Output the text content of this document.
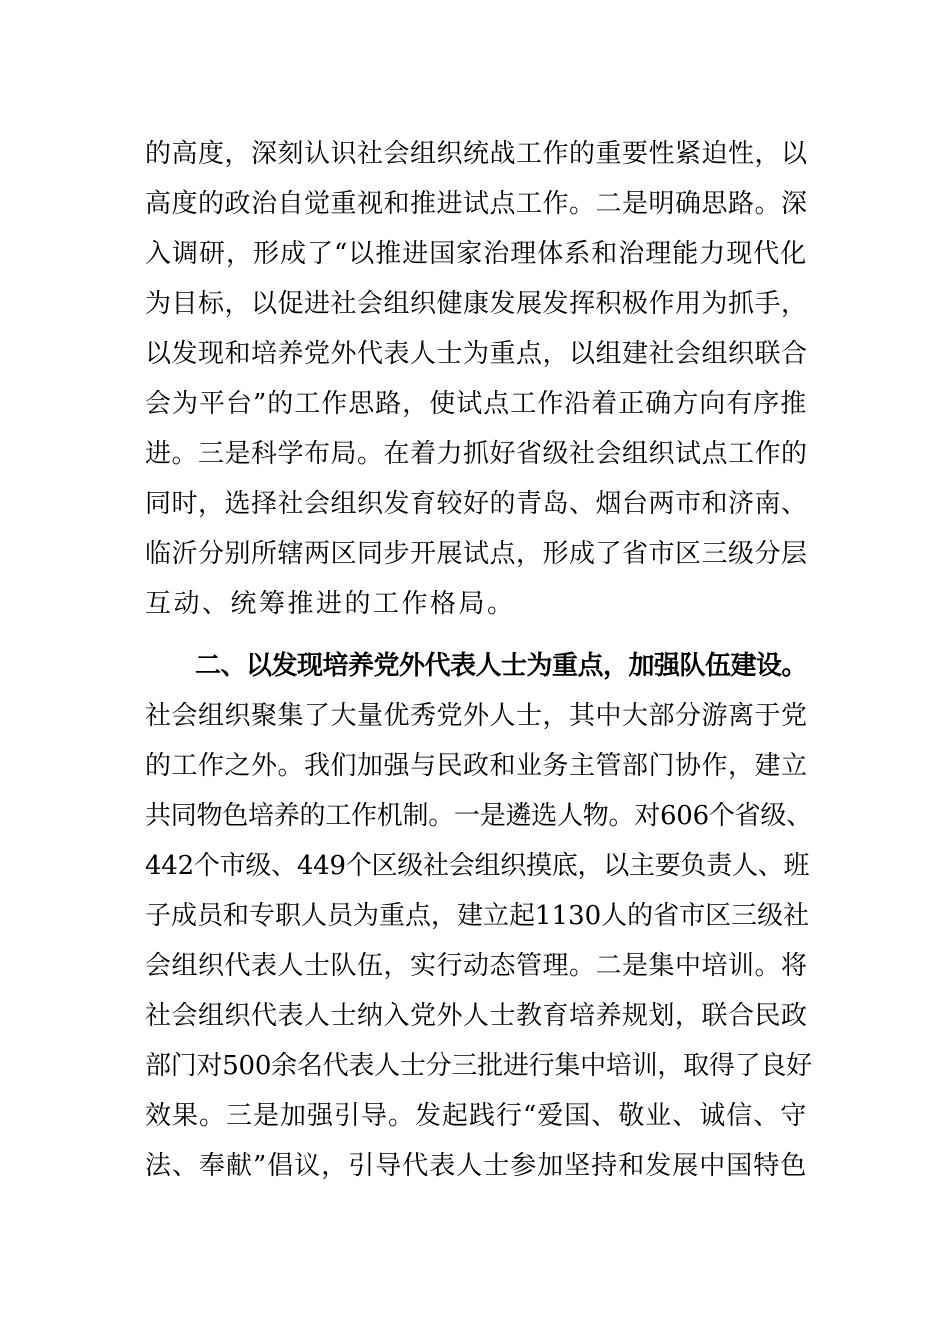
的高度，深刻认识社会组织统战工作的重要性紧迫性，以
高度的政治自觉重视和推进试点工作。二是明确思路。深
入调研，形成了“以推进国家治理体系和治理能力现代化
为目标，以促进社会组织健康发展发挥积极作用为抓手，
以发现和培养党外代表人士为重点，以组建社会组织联合
会为平台”的工作思路，使试点工作沿着正确方向有序推
进。三是科学布局。在着力抓好省级社会组织试点工作的
同时，选择社会组织发育较好的青岛、烟台两市和济南、
临沂分别所辖两区同步开展试点，形成了省市区三级分层
互动、统筹推进的工作格局。
二、以发现培养党外代表人士为重点，加强队伍建设。
社会组织聚集了大量优秀党外人士，其中大部分游离于党
的工作之外。我们加强与民政和业务主管部门协作，建立
共同物色培养的工作机制。一是遴选人物。对606个省级、
442个市级、449个区级社会组织摸底，以主要负责人、班
子成员和专职人员为重点，建立起1130人的省市区三级社
会组织代表人士队伍，实行动态管理。二是集中培训。将
社会组织代表人士纳入党外人士教育培养规划，联合民政
部门对500余名代表人士分三批进行集中培训，取得了良好
效果。三是加强引导。发起践行“爱国、敬业、诚信、守
法、奉献”倡议，引导代表人士参加坚持和发展中国特色
